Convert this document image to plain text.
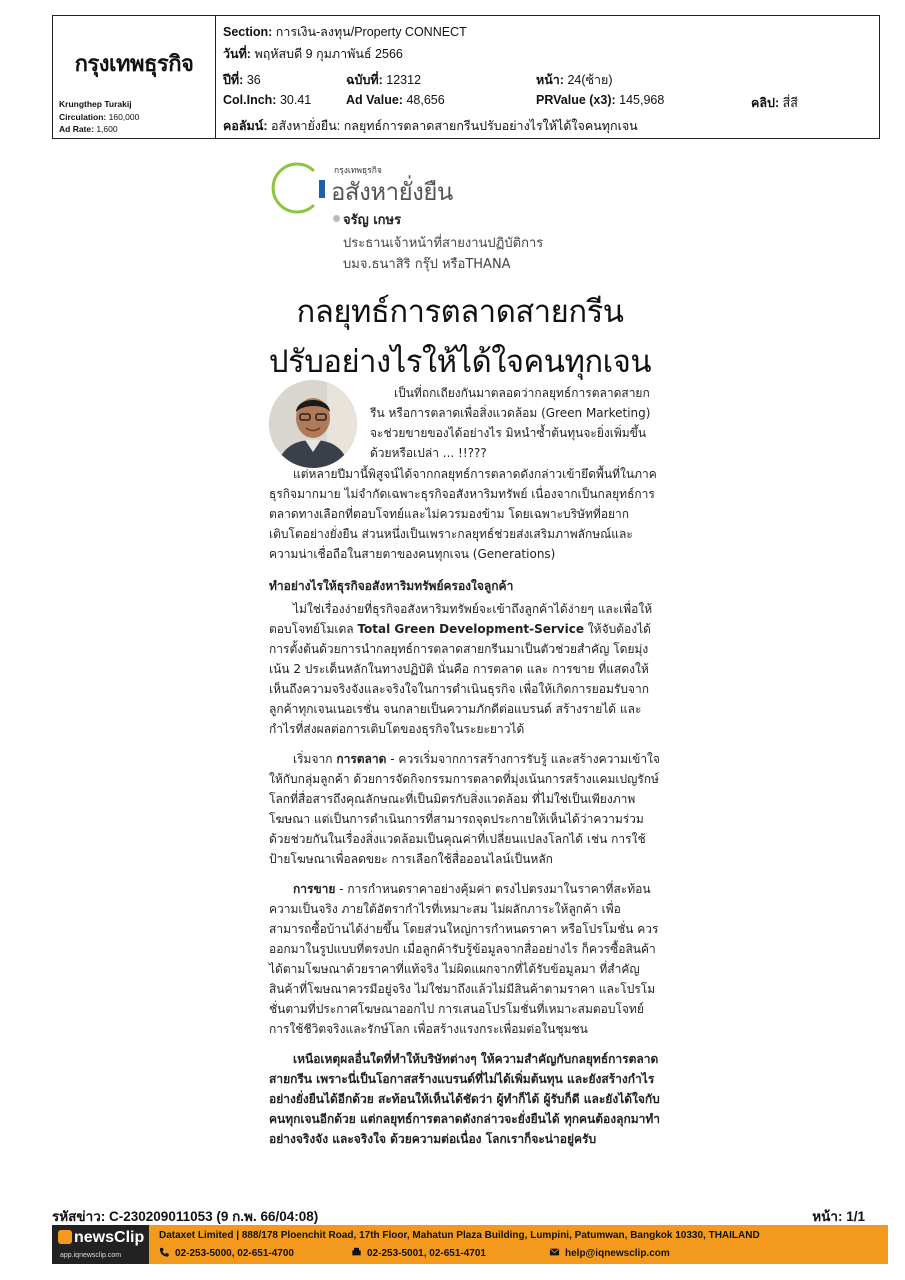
กรุงเทพธุรกิจ
Krungthep Turakij
Circulation: 160,000
Ad Rate: 1,600
Section: การเงิน-ลงทุน/Property CONNECT
วันที่: พฤหัสบดี 9 กุมภาพันธ์ 2566
ปีที่: 36	ฉบับที่: 12312	หน้า: 24(ซ้าย)
Col.Inch: 30.41	Ad Value: 48,656	PRValue (x3): 145,968	คลิป: สี่สี
คอลัมน์: อสังหายั่งยืน: กลยุทธ์การตลาดสายกรีนปรับอย่างไรให้ได้ใจคนทุกเจน
กรุงเทพธุรกิจ
อสังหายั่งยืน
จรัญ เกษร
ประธานเจ้าหน้าที่สายงานปฏิบัติการ
บมจ.ธนาสิริ กรุ๊ป หรือTHANA
กลยุทธ์การตลาดสายกรีน
ปรับอย่างไรให้ได้ใจคนทุกเจน
เป็นที่ถกเถียงกันมาตลอดว่ากลยุทธ์การตลาดสายกรีน หรือการตลาดเพื่อสิ่งแวดล้อม (Green Marketing) จะช่วยขายของได้อย่างไร มิหนำซ้ำต้นทุนจะยิ่งเพิ่มขึ้นด้วยหรือเปล่า ... !!???
แต่หลายปีมานี้พิสูจน์ได้จากกลยุทธ์การตลาดดังกล่าวเข้ายึดพื้นที่ในภาคธุรกิจมากมาย ไม่จำกัดเฉพาะธุรกิจอสังหาริมทรัพย์ เนื่องจากเป็นกลยุทธ์การตลาดทางเลือกที่ตอบโจทย์และไม่ควรมองข้าม โดยเฉพาะบริษัทที่อยากเติบโตอย่างยั่งยืน ส่วนหนึ่งเป็นเพราะกลยุทธ์ช่วยส่งเสริมภาพลักษณ์และความน่าเชื่อถือในสายตาของคนทุกเจน (Generations)
ทำอย่างไรให้ธุรกิจอสังหาริมทรัพย์ครองใจลูกค้า
ไม่ใช่เรื่องง่ายที่ธุรกิจอสังหาริมทรัพย์จะเข้าถึงลูกค้าได้ง่ายๆ และเพื่อให้ตอบโจทย์โมเดล Total Green Development-Service ให้จับต้องได้ การตั้งต้นด้วยการนำกลยุทธ์การตลาดสายกรีนมาเป็นตัวช่วยสำคัญ โดยมุ่งเน้น 2 ประเด็นหลักในทางปฏิบัติ นั่นคือ การตลาด และ การขาย ที่แสดงให้เห็นถึงความจริงจังและจริงใจในการดำเนินธุรกิจ เพื่อให้เกิดการยอมรับจากลูกค้าทุกเจนเนอเรชั่น จนกลายเป็นความภักดีต่อแบรนด์ สร้างรายได้ และกำไรที่ส่งผลต่อการเติบโตของธุรกิจในระยะยาวได้
เริ่มจาก การตลาด - ควรเริ่มจากการสร้างการรับรู้ และสร้างความเข้าใจให้กับกลุ่มลูกค้า ด้วยการจัดกิจกรรมการตลาดที่มุ่งเน้นการสร้างแคมเปญรักษ์โลกที่สื่อสารถึงคุณลักษณะที่เป็นมิตรกับสิ่งแวดล้อม ที่ไม่ใช่เป็นเพียงภาพโฆษณา แต่เป็นการดำเนินการที่สามารถจุดประกายให้เห็นได้ว่าความร่วมด้วยช่วยกันในเรื่องสิ่งแวดล้อมเป็นคุณค่าที่เปลี่ยนแปลงโลกได้ เช่น การใช้ป้ายโฆษณาเพื่อลดขยะ การเลือกใช้สื่อออนไลน์เป็นหลัก
การขาย - การกำหนดราคาอย่างคุ้มค่า ตรงไปตรงมาในราคาที่สะท้อนความเป็นจริง ภายใต้อัตรากำไรที่เหมาะสม ไม่ผลักภาระให้ลูกค้า เพื่อสามารถซื้อบ้านได้ง่ายขึ้น โดยส่วนใหญ่การกำหนดราคา หรือโปรโมชั่น ควรออกมาในรูปแบบที่ตรงปก เมื่อลูกค้ารับรู้ข้อมูลจากสื่ออย่างไร ก็ควรซื้อสินค้าได้ตามโฆษณาด้วยราคาที่แท้จริง ไม่ผิดแผกจากที่ได้รับข้อมูลมา ที่สำคัญสินค้าที่โฆษณาควรมีอยู่จริง ไม่ใช่มาถึงแล้วไม่มีสินค้าตามราคา และโปรโมชั่นตามที่ประกาศโฆษณาออกไป การเสนอโปรโมชั่นที่เหมาะสมตอบโจทย์การใช้ชีวิตจริงและรักษ์โลก เพื่อสร้างแรงกระเพื่อมต่อในชุมชน
เหนือเหตุผลอื่นใดที่ทำให้บริษัทต่างๆ ให้ความสำคัญกับกลยุทธ์การตลาดสายกรีน เพราะนี่เป็นโอกาสสร้างแบรนด์ที่ไม่ได้เพิ่มต้นทุน และยังสร้างกำไรอย่างยั่งยืนได้อีกด้วย สะท้อนให้เห็นได้ชัดว่า ผู้ทำก็ได้ ผู้รับก็ดี และยังได้ใจกับคนทุกเจนอีกด้วย แต่กลยุทธ์การตลาดดังกล่าวจะยั่งยืนได้ ทุกคนต้องลุกมาทำอย่างจริงจัง และจริงใจ ด้วยความต่อเนื่อง โลกเราก็จะน่าอยู่ครับ
รหัสข่าว: C-230209011053 (9 ก.พ. 66/04:08)	หน้า: 1/1
newsClip
app.iqnewsclip.com
Dataxet Limited | 888/178 Ploenchit Road, 17th Floor, Mahatun Plaza Building, Lumpini, Patumwan, Bangkok 10330, THAILAND
02-253-5000, 02-651-4700	02-253-5001, 02-651-4701	help@iqnewsclip.com
